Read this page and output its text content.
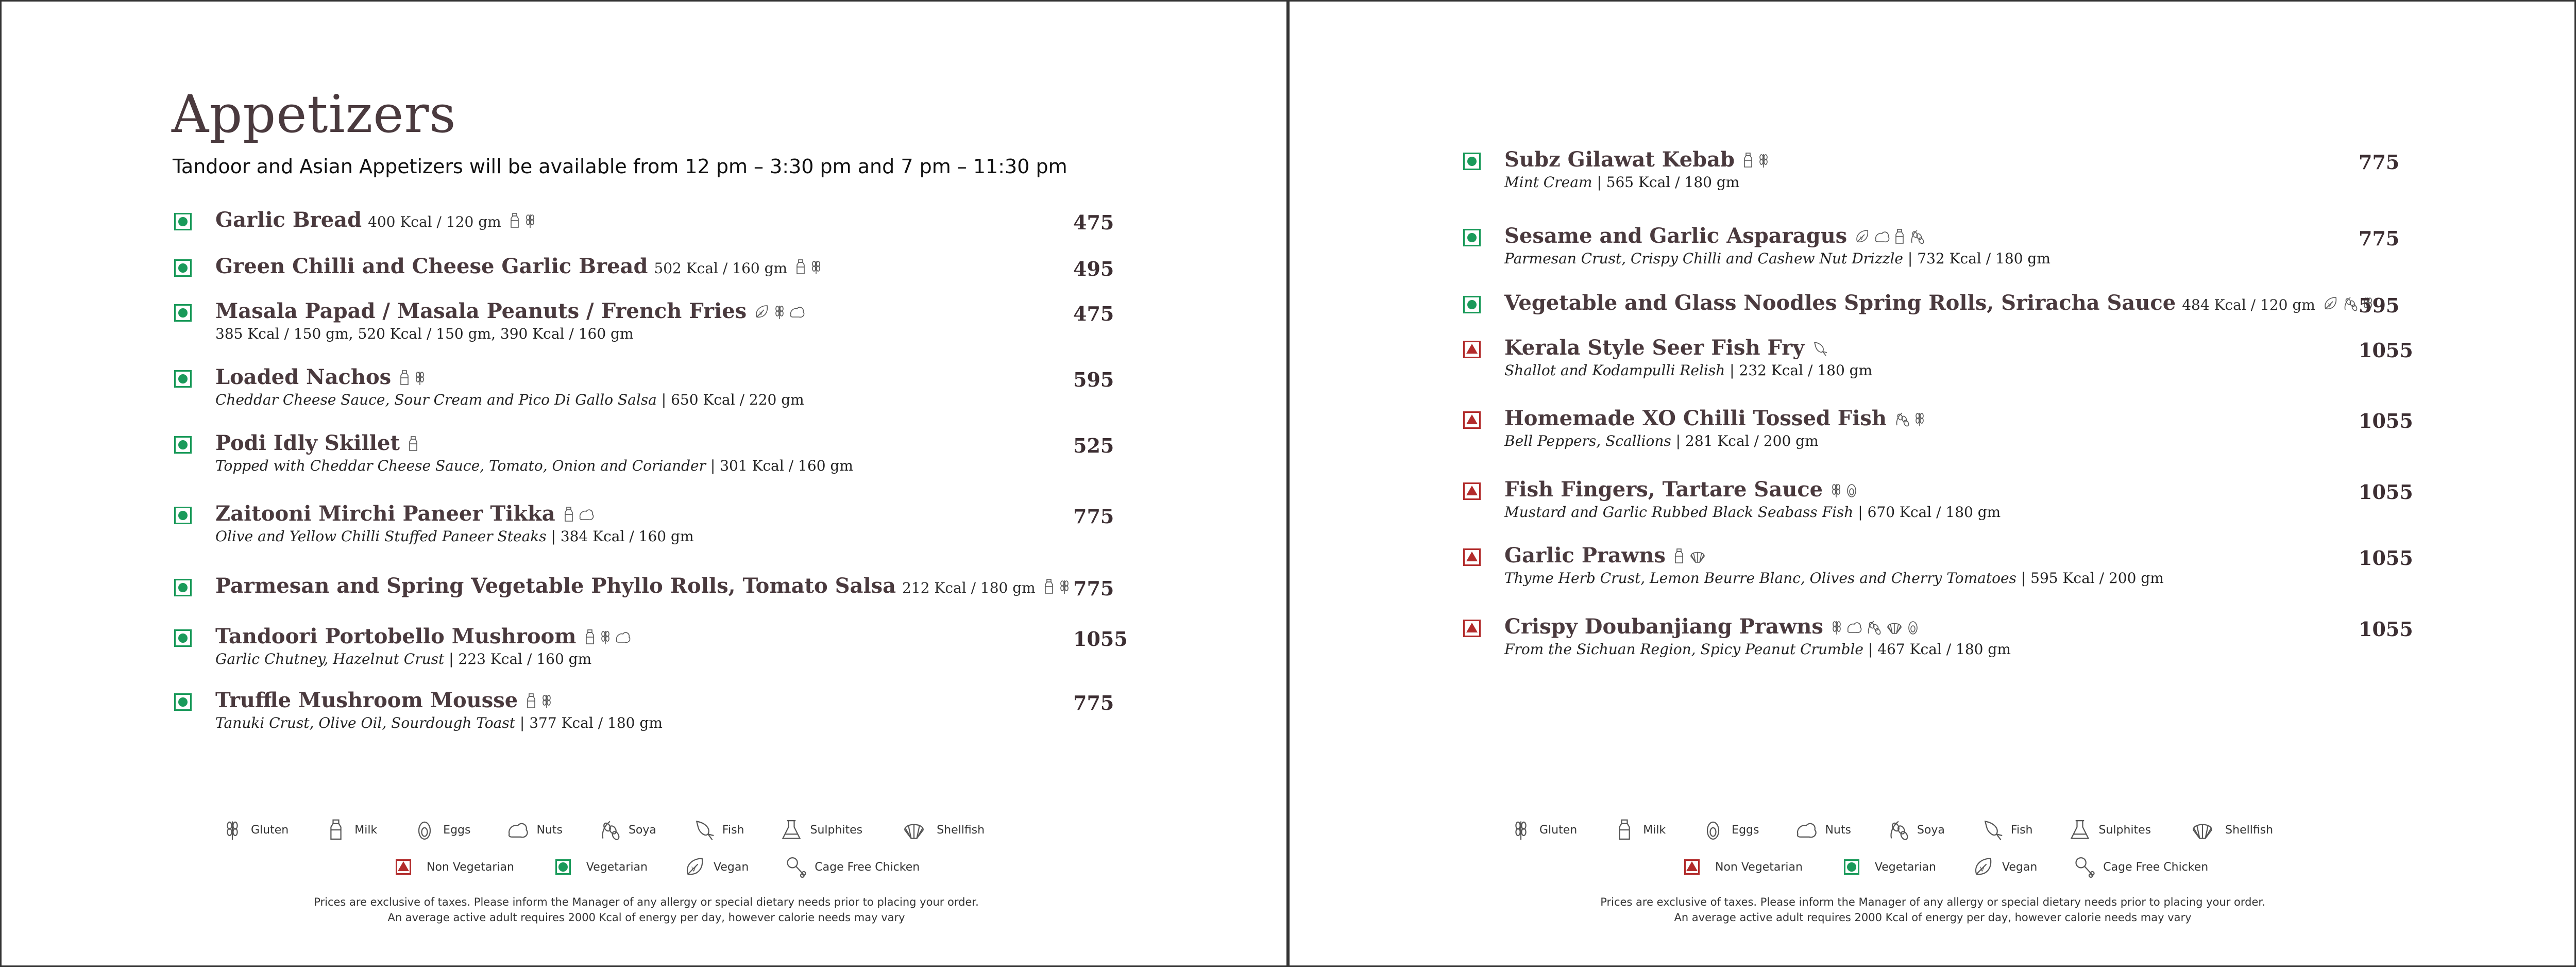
Appetizers
Tandoor and Asian Appetizers will be available from 12 pm – 3:30 pm and 7 pm – 11:30 pm
Garlic Bread 400 Kcal / 120 gm	475
Green Chilli and Cheese Garlic Bread 502 Kcal / 160 gm	495
Masala Papad / Masala Peanuts / French Fries
385 Kcal / 150 gm, 520 Kcal / 150 gm, 390 Kcal / 160 gm
475
Loaded Nachos
Cheddar Cheese Sauce, Sour Cream and Pico Di Gallo Salsa | 650 Kcal / 220 gm
595
Podi Idly Skillet
Topped with Cheddar Cheese Sauce, Tomato, Onion and Coriander | 301 Kcal / 160 gm
525
Zaitooni Mirchi Paneer Tikka
Olive and Yellow Chilli Stuffed Paneer Steaks | 384 Kcal / 160 gm
775
Parmesan and Spring Vegetable Phyllo Rolls, Tomato Salsa 212 Kcal / 180 gm 775
Tandoori Portobello Mushroom
Garlic Chutney, Hazelnut Crust | 223 Kcal / 160 gm
1055
Truffle Mushroom Mousse
Tanuki Crust, Olive Oil, Sourdough Toast | 377 Kcal / 180 gm
775
Gluten	Milk	Eggs	Nuts	Soya	Fish	Sulphites	Shellfish
Non Vegetarian	Vegetarian	Vegan	Cage Free Chicken
Prices are exclusive of taxes. Please inform the Manager of any allergy or special dietary needs prior to placing your order.
An average active adult requires 2000 Kcal of energy per day, however calorie needs may vary
Subz Gilawat Kebab
Mint Cream | 565 Kcal / 180 gm
775
Sesame and Garlic Asparagus
Parmesan Crust, Crispy Chilli and Cashew Nut Drizzle | 732 Kcal / 180 gm
775
Vegetable and Glass Noodles Spring Rolls, Sriracha Sauce 484 Kcal / 120 gm 595
Kerala Style Seer Fish Fry
Shallot and Kodampulli Relish | 232 Kcal / 180 gm
1055
Homemade XO Chilli Tossed Fish
Bell Peppers, Scallions | 281 Kcal / 200 gm
1055
Fish Fingers, Tartare Sauce
Mustard and Garlic Rubbed Black Seabass Fish | 670 Kcal / 180 gm
1055
Garlic Prawns
Thyme Herb Crust, Lemon Beurre Blanc, Olives and Cherry Tomatoes | 595 Kcal / 200 gm
1055
Crispy Doubanjiang Prawns
From the Sichuan Region, Spicy Peanut Crumble | 467 Kcal / 180 gm
1055
Gluten	Milk	Eggs	Nuts	Soya	Fish	Sulphites	Shellfish
Non Vegetarian	Vegetarian	Vegan	Cage Free Chicken
Prices are exclusive of taxes. Please inform the Manager of any allergy or special dietary needs prior to placing your order.
An average active adult requires 2000 Kcal of energy per day, however calorie needs may vary
